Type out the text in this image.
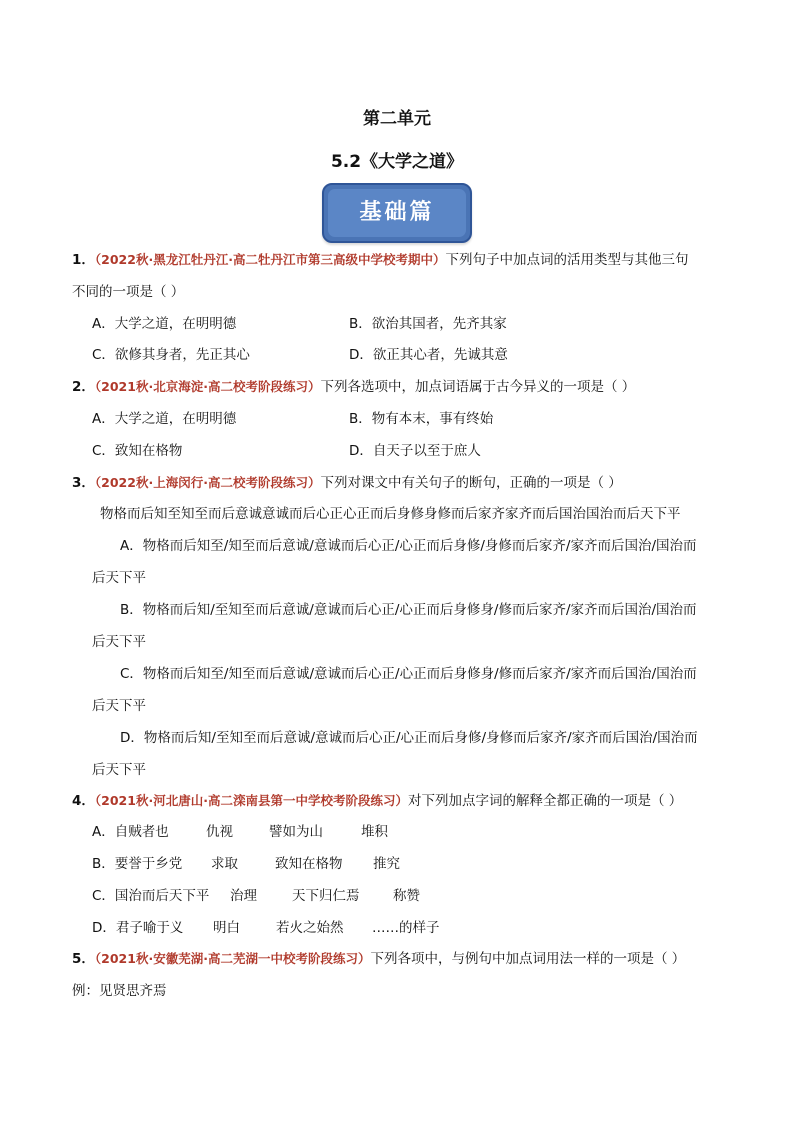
第二单元
5.2《大学之道》
基础篇
1．（2022秋·黑龙江牡丹江·高二牡丹江市第三高级中学校考期中）下列句子中加点词的活用类型与其他三句
不同的一项是（ ）
A．大学之道，在明明德	B．欲治其国者，先齐其家
C．欲修其身者，先正其心	D．欲正其心者，先诚其意
2．（2021秋·北京海淀·高二校考阶段练习）下列各选项中，加点词语属于古今异义的一项是（ ）
A．大学之道，在明明德	B．物有本末，事有终始
C．致知在格物	D．自天子以至于庶人
3．（2022秋·上海闵行·高二校考阶段练习）下列对课文中有关句子的断句，正确的一项是（ ）
物格而后知至知至而后意诚意诚而后心正心正而后身修身修而后家齐家齐而后国治国治而后天下平
A．物格而后知至/知至而后意诚/意诚而后心正/心正而后身修/身修而后家齐/家齐而后国治/国治而
后天下平
B．物格而后知/至知至而后意诚/意诚而后心正/心正而后身修身/修而后家齐/家齐而后国治/国治而
后天下平
C．物格而后知至/知至而后意诚/意诚而后心正/心正而后身修身/修而后家齐/家齐而后国治/国治而
后天下平
D．物格而后知/至知至而后意诚/意诚而后心正/心正而后身修/身修而后家齐/家齐而后国治/国治而
后天下平
4．（2021秋·河北唐山·高二滦南县第一中学校考阶段练习）对下列加点字词的解释全都正确的一项是（ ）
A．自贼者也	仇视	譬如为山	堆积
B．要誉于乡党 求取	致知在格物 推究
C．国治而后天下平 治理	天下归仁焉 称赞
D．君子喻于义 明白	若火之始然 ……的样子
5．（2021秋·安徽芜湖·高二芜湖一中校考阶段练习）下列各项中，与例句中加点词用法一样的一项是（ ）
例：见贤思齐焉
